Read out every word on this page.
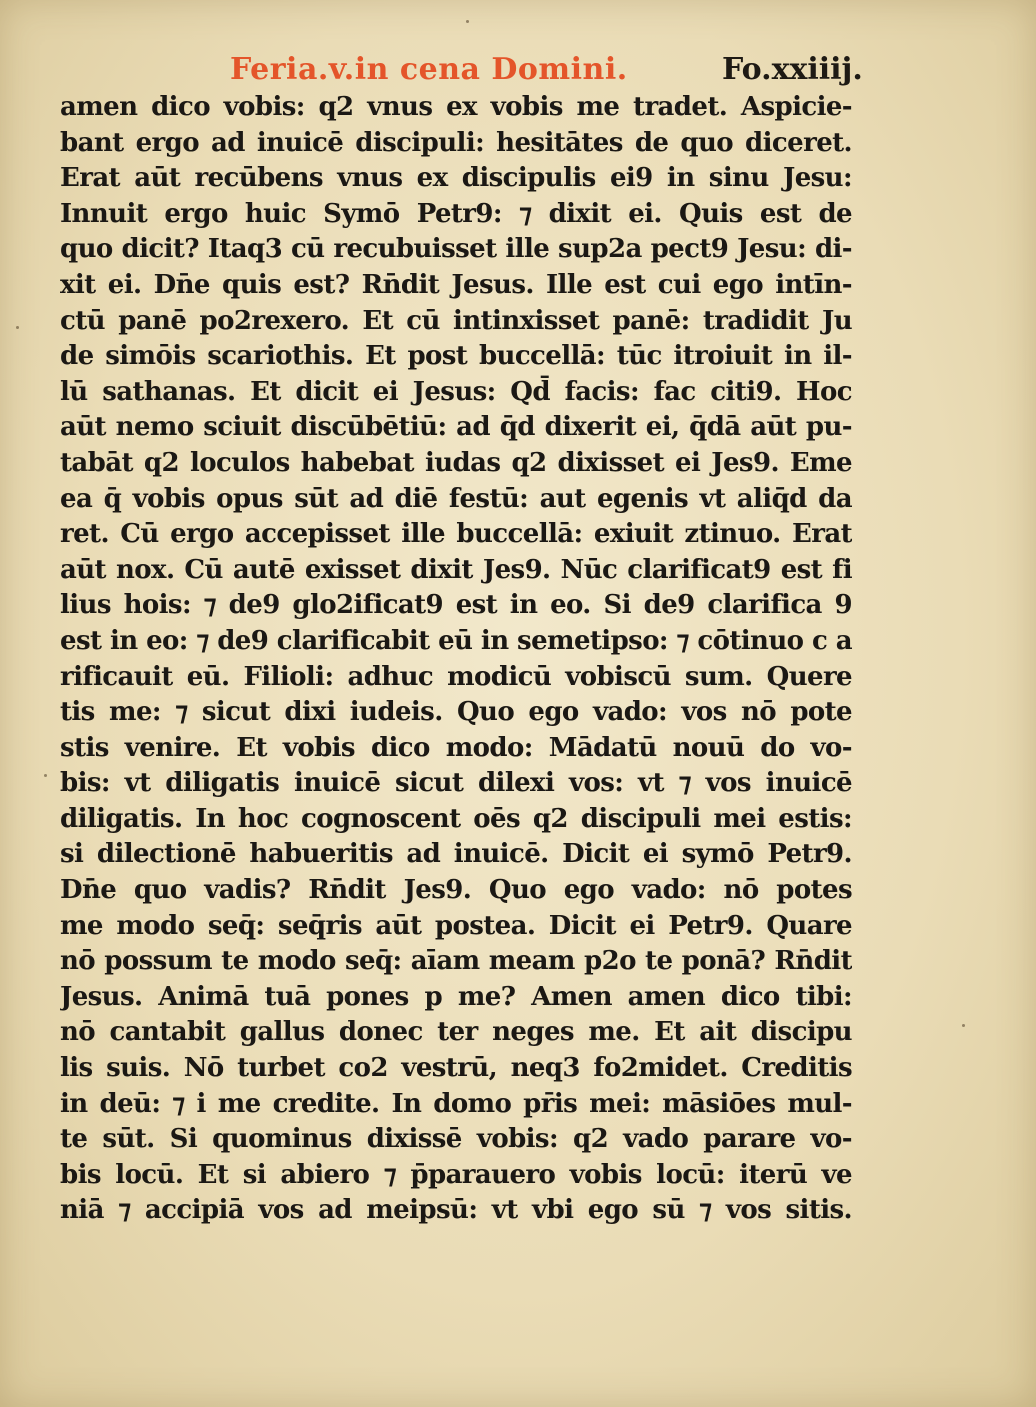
Feria.v.in cena Domini.	Fo.xxiiij.
amen dico vobis: q2 vnus ex vobis me tradet. Aspicie-
bant ergo ad inuicē discipuli: hesitātes de quo diceret.
Erat aūt recūbens vnus ex discipulis ei9 in sinu Jesu:
Innuit ergo huic Symō Petr9: ⁊ dixit ei. Quis est de
quo dicit? Itaq3 cū recubuisset ille sup2a pect9 Jesu: di-
xit ei. Dn̄e quis est? Rn̄dit Jesus. Ille est cui ego intīn-
ctū panē po2rexero. Et cū intinxisset panē: tradidit Ju
de simōis scariothis. Et post buccellā: tūc itroiuit in il-
lū sathanas. Et dicit ei Jesus: Qd̄ facis: fac citi9. Hoc
aūt nemo sciuit discūbētiū: ad q̄d dixerit ei, q̄dā aūt pu-
tabāt q2 loculos habebat iudas q2 dixisset ei Jes9. Eme
ea q̄ vobis opus sūt ad diē festū: aut egenis vt aliq̄d da
ret. Cū ergo accepisset ille buccellā: exiuit ztinuo. Erat
aūt nox. Cū autē exisset dixit Jes9. Nūc clarificat9 est fi
lius hois: ⁊ de9 glo2ificat9 est in eo. Si de9 clarifica 9
est in eo: ⁊ de9 clarificabit eū in semetipso: ⁊ cōtinuo c a
rificauit eū. Filioli: adhuc modicū vobiscū sum. Quere
tis me: ⁊ sicut dixi iudeis. Quo ego vado: vos nō pote
stis venire. Et vobis dico modo: Mādatū nouū do vo-
bis: vt diligatis inuicē sicut dilexi vos: vt ⁊ vos inuicē
diligatis. In hoc cognoscent oēs q2 discipuli mei estis:
si dilectionē habueritis ad inuicē. Dicit ei symō Petr9.
Dn̄e quo vadis? Rn̄dit Jes9. Quo ego vado: nō potes
me modo seq̄: seq̄ris aūt postea. Dicit ei Petr9. Quare
nō possum te modo seq̄: aīam meam p2o te ponā? Rn̄dit
Jesus. Animā tuā pones p me? Amen amen dico tibi:
nō cantabit gallus donec ter neges me. Et ait discipu
lis suis. Nō turbet co2 vestrū, neq3 fo2midet. Creditis
in deū: ⁊ i me credite. In domo pr̄is mei: māsiōes mul-
te sūt. Si quominus dixissē vobis: q2 vado parare vo-
bis locū. Et si abiero ⁊ p̄parauero vobis locū: iterū ve
niā ⁊ accipiā vos ad meipsū: vt vbi ego sū ⁊ vos sitis.
